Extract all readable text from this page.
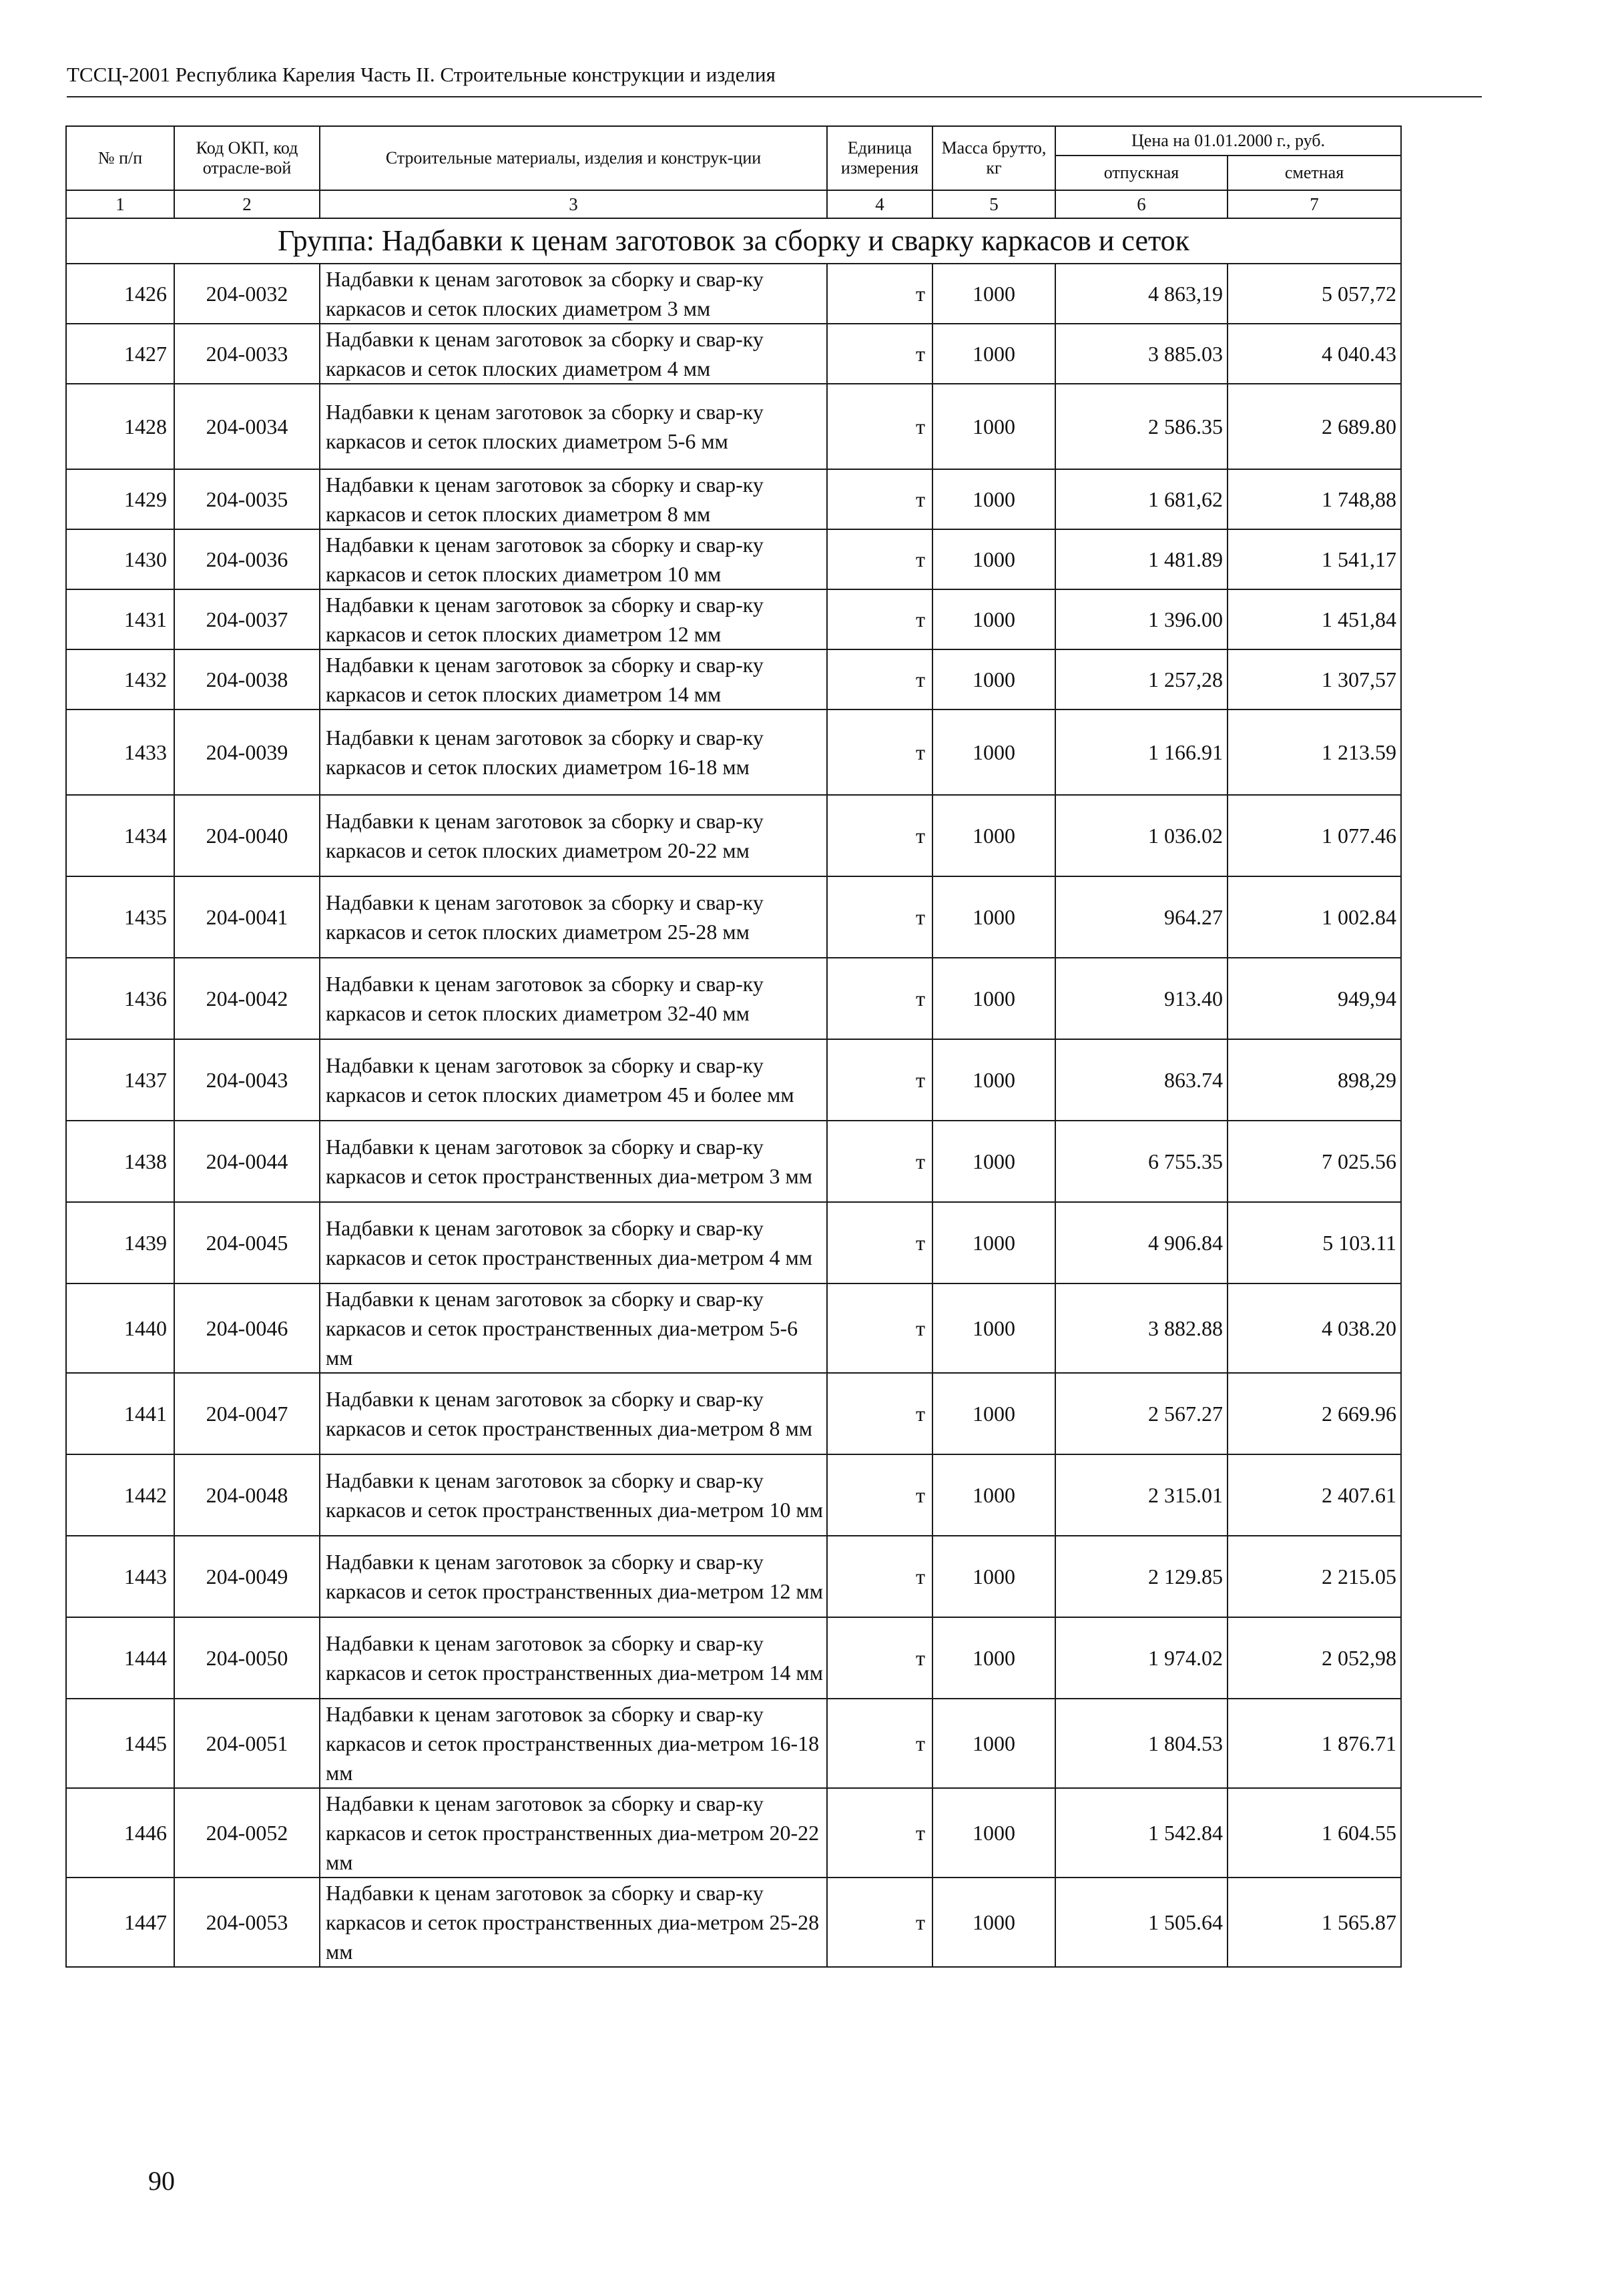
ТССЦ-2001 Республика Карелия Часть II. Строительные конструкции и изделия
№ п/п	Код ОКП, код отрасле-вой	Строительные материалы, изделия и конструк-ции	Единица измерения	Масса брутто, кг	Цена на 01.01.2000 г., руб.	
					отпускная	сметная
1	2	3	4	5	6	7
Группа: Надбавки к ценам заготовок за сборку и сварку каркасов и сеток						
1426	204-0032	Надбавки к ценам заготовок за сборку и свар-ку каркасов и сеток плоских диаметром 3 мм	т	1000	4 863,19	5 057,72
1427	204-0033	Надбавки к ценам заготовок за сборку и свар-ку каркасов и сеток плоских диаметром 4 мм	т	1000	3 885.03	4 040.43
1428	204-0034	Надбавки к ценам заготовок за сборку и свар-ку каркасов и сеток плоских диаметром 5-6 мм	т	1000	2 586.35	2 689.80
1429	204-0035	Надбавки к ценам заготовок за сборку и свар-ку каркасов и сеток плоских диаметром 8 мм	т	1000	1 681,62	1 748,88
1430	204-0036	Надбавки к ценам заготовок за сборку и свар-ку каркасов и сеток плоских диаметром 10 мм	т	1000	1 481.89	1 541,17
1431	204-0037	Надбавки к ценам заготовок за сборку и свар-ку каркасов и сеток плоских диаметром 12 мм	т	1000	1 396.00	1 451,84
1432	204-0038	Надбавки к ценам заготовок за сборку и свар-ку каркасов и сеток плоских диаметром 14 мм	т	1000	1 257,28	1 307,57
1433	204-0039	Надбавки к ценам заготовок за сборку и свар-ку каркасов и сеток плоских диаметром 16-18 мм	т	1000	1 166.91	1 213.59
1434	204-0040	Надбавки к ценам заготовок за сборку и свар-ку каркасов и сеток плоских диаметром 20-22 мм	т	1000	1 036.02	1 077.46
1435	204-0041	Надбавки к ценам заготовок за сборку и свар-ку каркасов и сеток плоских диаметром 25-28 мм	т	1000	964.27	1 002.84
1436	204-0042	Надбавки к ценам заготовок за сборку и свар-ку каркасов и сеток плоских диаметром 32-40 мм	т	1000	913.40	949,94
1437	204-0043	Надбавки к ценам заготовок за сборку и свар-ку каркасов и сеток плоских диаметром 45 и более мм	т	1000	863.74	898,29
1438	204-0044	Надбавки к ценам заготовок за сборку и свар-ку каркасов и сеток пространственных диа-метром 3 мм	т	1000	6 755.35	7 025.56
1439	204-0045	Надбавки к ценам заготовок за сборку и свар-ку каркасов и сеток пространственных диа-метром 4 мм	т	1000	4 906.84	5 103.11
1440	204-0046	Надбавки к ценам заготовок за сборку и свар-ку каркасов и сеток пространственных диа-метром 5-6 мм	т	1000	3 882.88	4 038.20
1441	204-0047	Надбавки к ценам заготовок за сборку и свар-ку каркасов и сеток пространственных диа-метром 8 мм	т	1000	2 567.27	2 669.96
1442	204-0048	Надбавки к ценам заготовок за сборку и свар-ку каркасов и сеток пространственных диа-метром 10 мм	т	1000	2 315.01	2 407.61
1443	204-0049	Надбавки к ценам заготовок за сборку и свар-ку каркасов и сеток пространственных диа-метром 12 мм	т	1000	2 129.85	2 215.05
1444	204-0050	Надбавки к ценам заготовок за сборку и свар-ку каркасов и сеток пространственных диа-метром 14 мм	т	1000	1 974.02	2 052,98
1445	204-0051	Надбавки к ценам заготовок за сборку и свар-ку каркасов и сеток пространственных диа-метром 16-18 мм	т	1000	1 804.53	1 876.71
1446	204-0052	Надбавки к ценам заготовок за сборку и свар-ку каркасов и сеток пространственных диа-метром 20-22 мм	т	1000	1 542.84	1 604.55
1447	204-0053	Надбавки к ценам заготовок за сборку и свар-ку каркасов и сеток пространственных диа-метром 25-28 мм	т	1000	1 505.64	1 565.87
90
